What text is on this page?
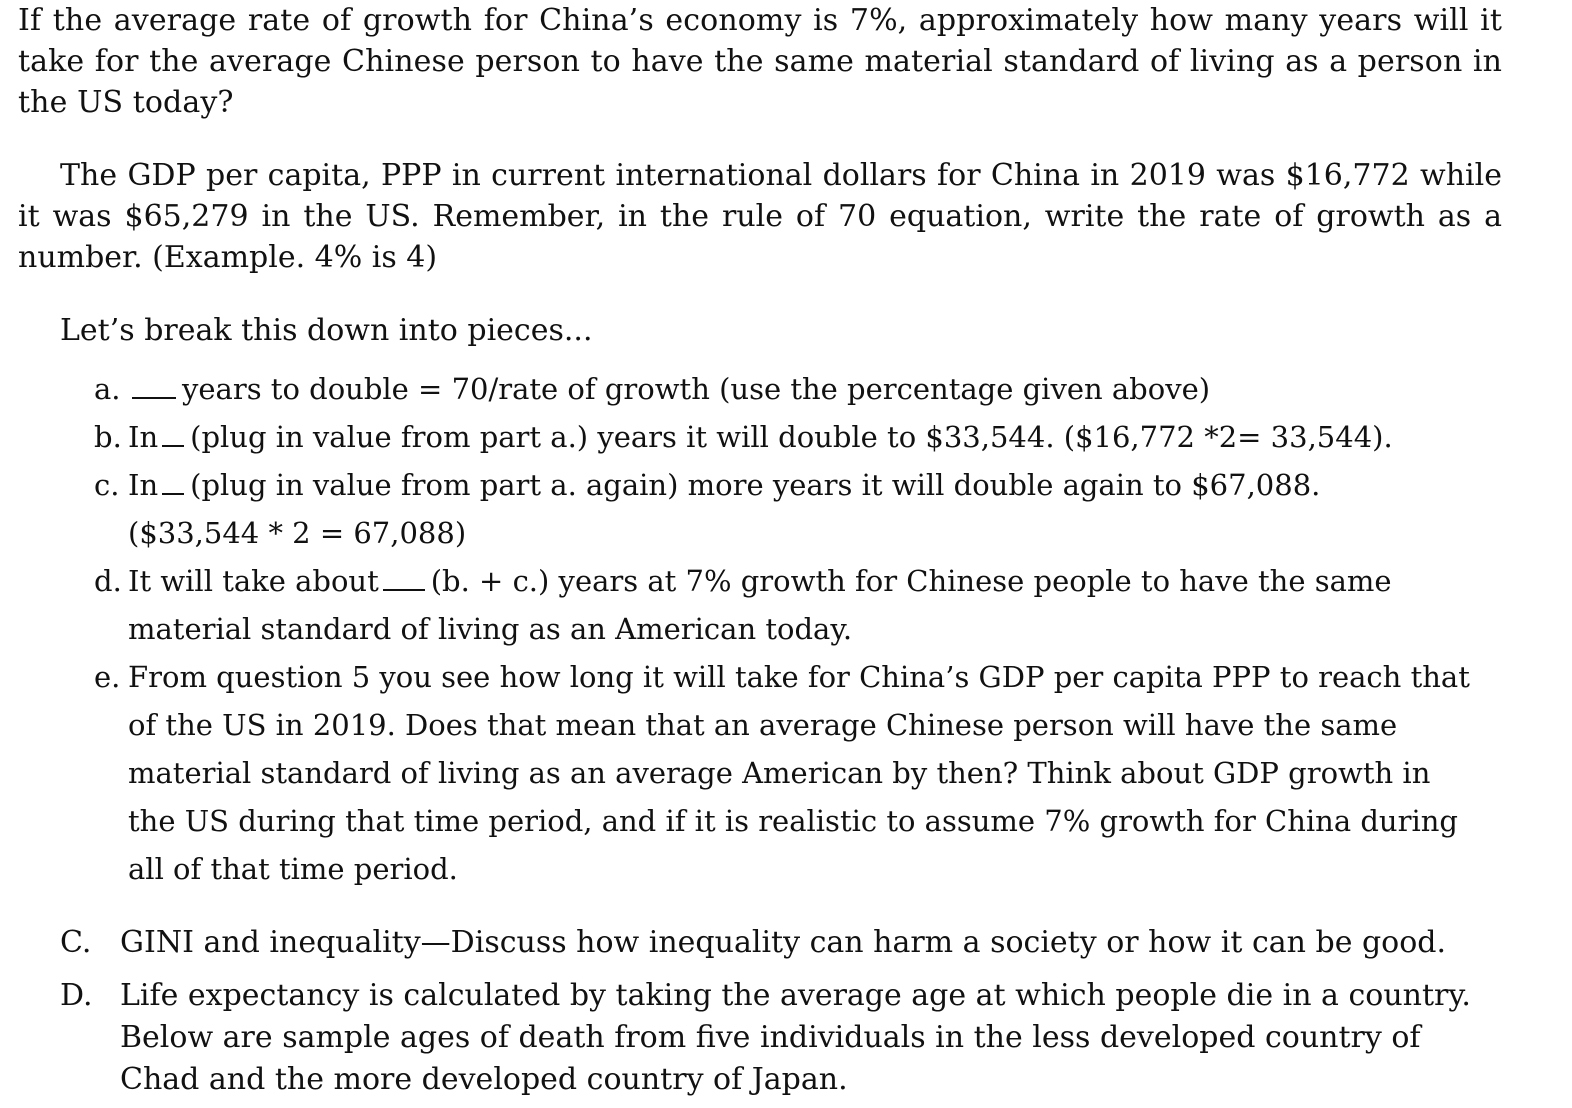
If the average rate of growth for China’s economy is 7%, approximately how many years will it take for the average Chinese person to have the same material standard of living as a person in the US today?

The GDP per capita, PPP in current international dollars for China in 2019 was $16,772 while it was $65,279 in the US. Remember, in the rule of 70 equation, write the rate of growth as a number. (Example. 4% is 4)

Let’s break this down into pieces...

a.	years to double = 70/rate of growth (use the percentage given above)
b. In (plug in value from part a.) years it will double to $33,544. ($16,772 *2= 33,544).
c. In (plug in value from part a. again) more years it will double again to $67,088.
($33,544 * 2 = 67,088)
d. It will take about (b. + c.) years at 7% growth for Chinese people to have the same material standard of living as an American today.
e. From question 5 you see how long it will take for China’s GDP per capita PPP to reach that of the US in 2019. Does that mean that an average Chinese person will have the same material standard of living as an average American by then? Think about GDP growth in the US during that time period, and if it is realistic to assume 7% growth for China during all of that time period.
C. GINI and inequality—Discuss how inequality can harm a society or how it can be good.
D. Life expectancy is calculated by taking the average age at which people die in a country. Below are sample ages of death from five individuals in the less developed country of Chad and the more developed country of Japan.
